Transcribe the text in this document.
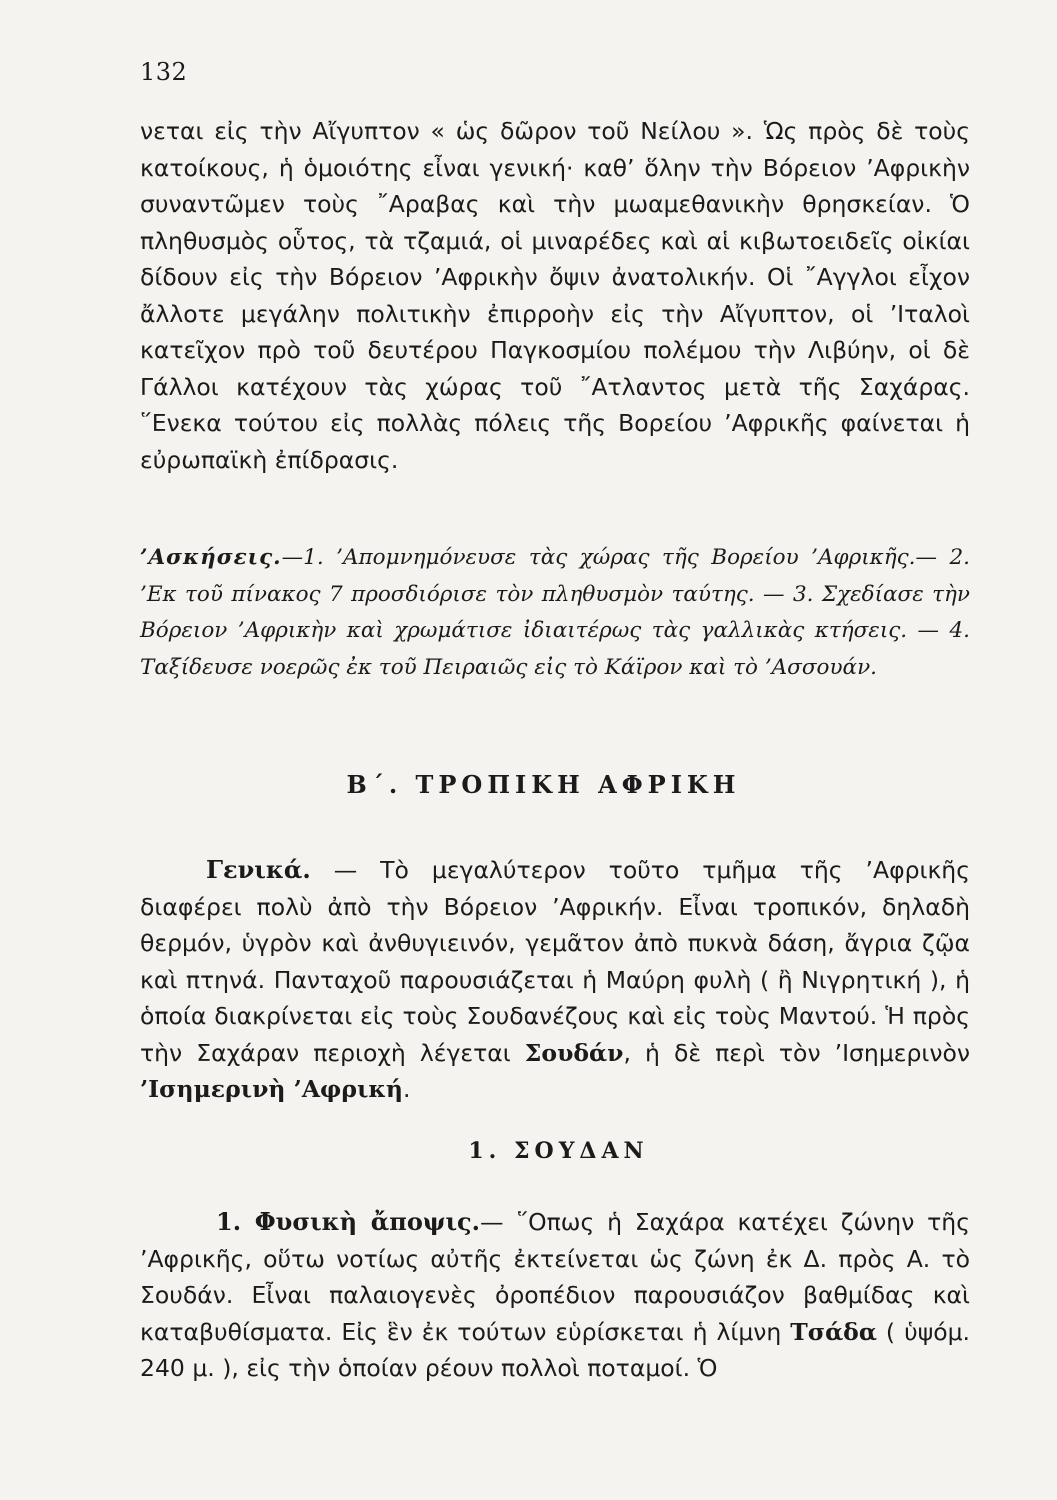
132
νεται εἰς τὴν Αἴγυπτον « ὡς δῶρον τοῦ Νείλου ». Ὡς πρὸς δὲ τοὺς κατοίκους, ἡ ὁμοιότης εἶναι γενική· καθ’ ὅλην τὴν Βόρειον ’Αφρικὴν συναντῶμεν τοὺς ῎Αραβας καὶ τὴν μωαμεθανικὴν θρησκείαν. Ὁ πληθυσμὸς οὗτος, τὰ τζαμιά, οἱ μιναρέδες καὶ αἱ κιβωτοειδεῖς οἰκίαι δίδουν εἰς τὴν Βόρειον ’Αφρικὴν ὄψιν ἀνατολικήν. Οἱ ῎Αγγλοι εἶχον ἄλλοτε μεγάλην πολιτικὴν ἐπιρροὴν εἰς τὴν Αἴγυπτον, οἱ ’Ιταλοὶ κατεῖχον πρὸ τοῦ δευτέρου Παγκοσμίου πολέμου τὴν Λιβύην, οἱ δὲ Γάλλοι κατέχουν τὰς χώρας τοῦ ῎Ατλαντος μετὰ τῆς Σαχάρας. ῞Ενεκα τούτου εἰς πολλὰς πόλεις τῆς Βορείου ’Αφρικῆς φαίνεται ἡ εὐρωπαϊκὴ ἐπίδρασις.
’Ασκήσεις.—1. ’Απομνημόνευσε τὰς χώρας τῆς Βορείου ’Αφρικῆς.— 2. ’Εκ τοῦ πίνακος 7 προσδιόρισε τὸν πληθυσμὸν ταύτης. — 3. Σχεδίασε τὴν Βόρειον ’Αφρικὴν καὶ χρωμάτισε ἰδιαιτέρως τὰς γαλλικὰς κτήσεις. — 4. Ταξίδευσε νοερῶς ἐκ τοῦ Πειραιῶς εἰς τὸ Κάϊρον καὶ τὸ ’Ασσουάν.
Β΄. ΤΡΟΠΙΚΗ ΑΦΡΙΚΗ
Γενικά. — Τὸ μεγαλύτερον τοῦτο τμῆμα τῆς ’Αφρικῆς διαφέρει πολὺ ἀπὸ τὴν Βόρειον ’Αφρικήν. Εἶναι τροπικόν, δηλαδὴ θερμόν, ὑγρὸν καὶ ἀνθυγιεινόν, γεμᾶτον ἀπὸ πυκνὰ δάση, ἄγρια ζῷα καὶ πτηνά. Πανταχοῦ παρουσιάζεται ἡ Μαύρη φυλὴ ( ἢ Νιγρητική ), ἡ ὁποία διακρίνεται εἰς τοὺς Σουδανέζους καὶ εἰς τοὺς Μαντού. Ἡ πρὸς τὴν Σαχάραν περιοχὴ λέγεται Σουδάν, ἡ δὲ περὶ τὸν ’Ισημερινὸν ’Ισημερινὴ ’Αφρική.
1. ΣΟΥΔΑΝ
1. Φυσικὴ ἄποψις.— ῞Οπως ἡ Σαχάρα κατέχει ζώνην τῆς ’Αφρικῆς, οὕτω νοτίως αὐτῆς ἐκτείνεται ὡς ζώνη ἐκ Δ. πρὸς Α. τὸ Σουδάν. Εἶναι παλαιογενὲς ὀροπέδιον παρουσιάζον βαθμίδας καὶ καταβυθίσματα. Εἰς ἓν ἐκ τούτων εὑρίσκεται ἡ λίμνη Τσάδα ( ὑψόμ. 240 μ. ), εἰς τὴν ὁποίαν ρέουν πολλοὶ ποταμοί. Ὁ
